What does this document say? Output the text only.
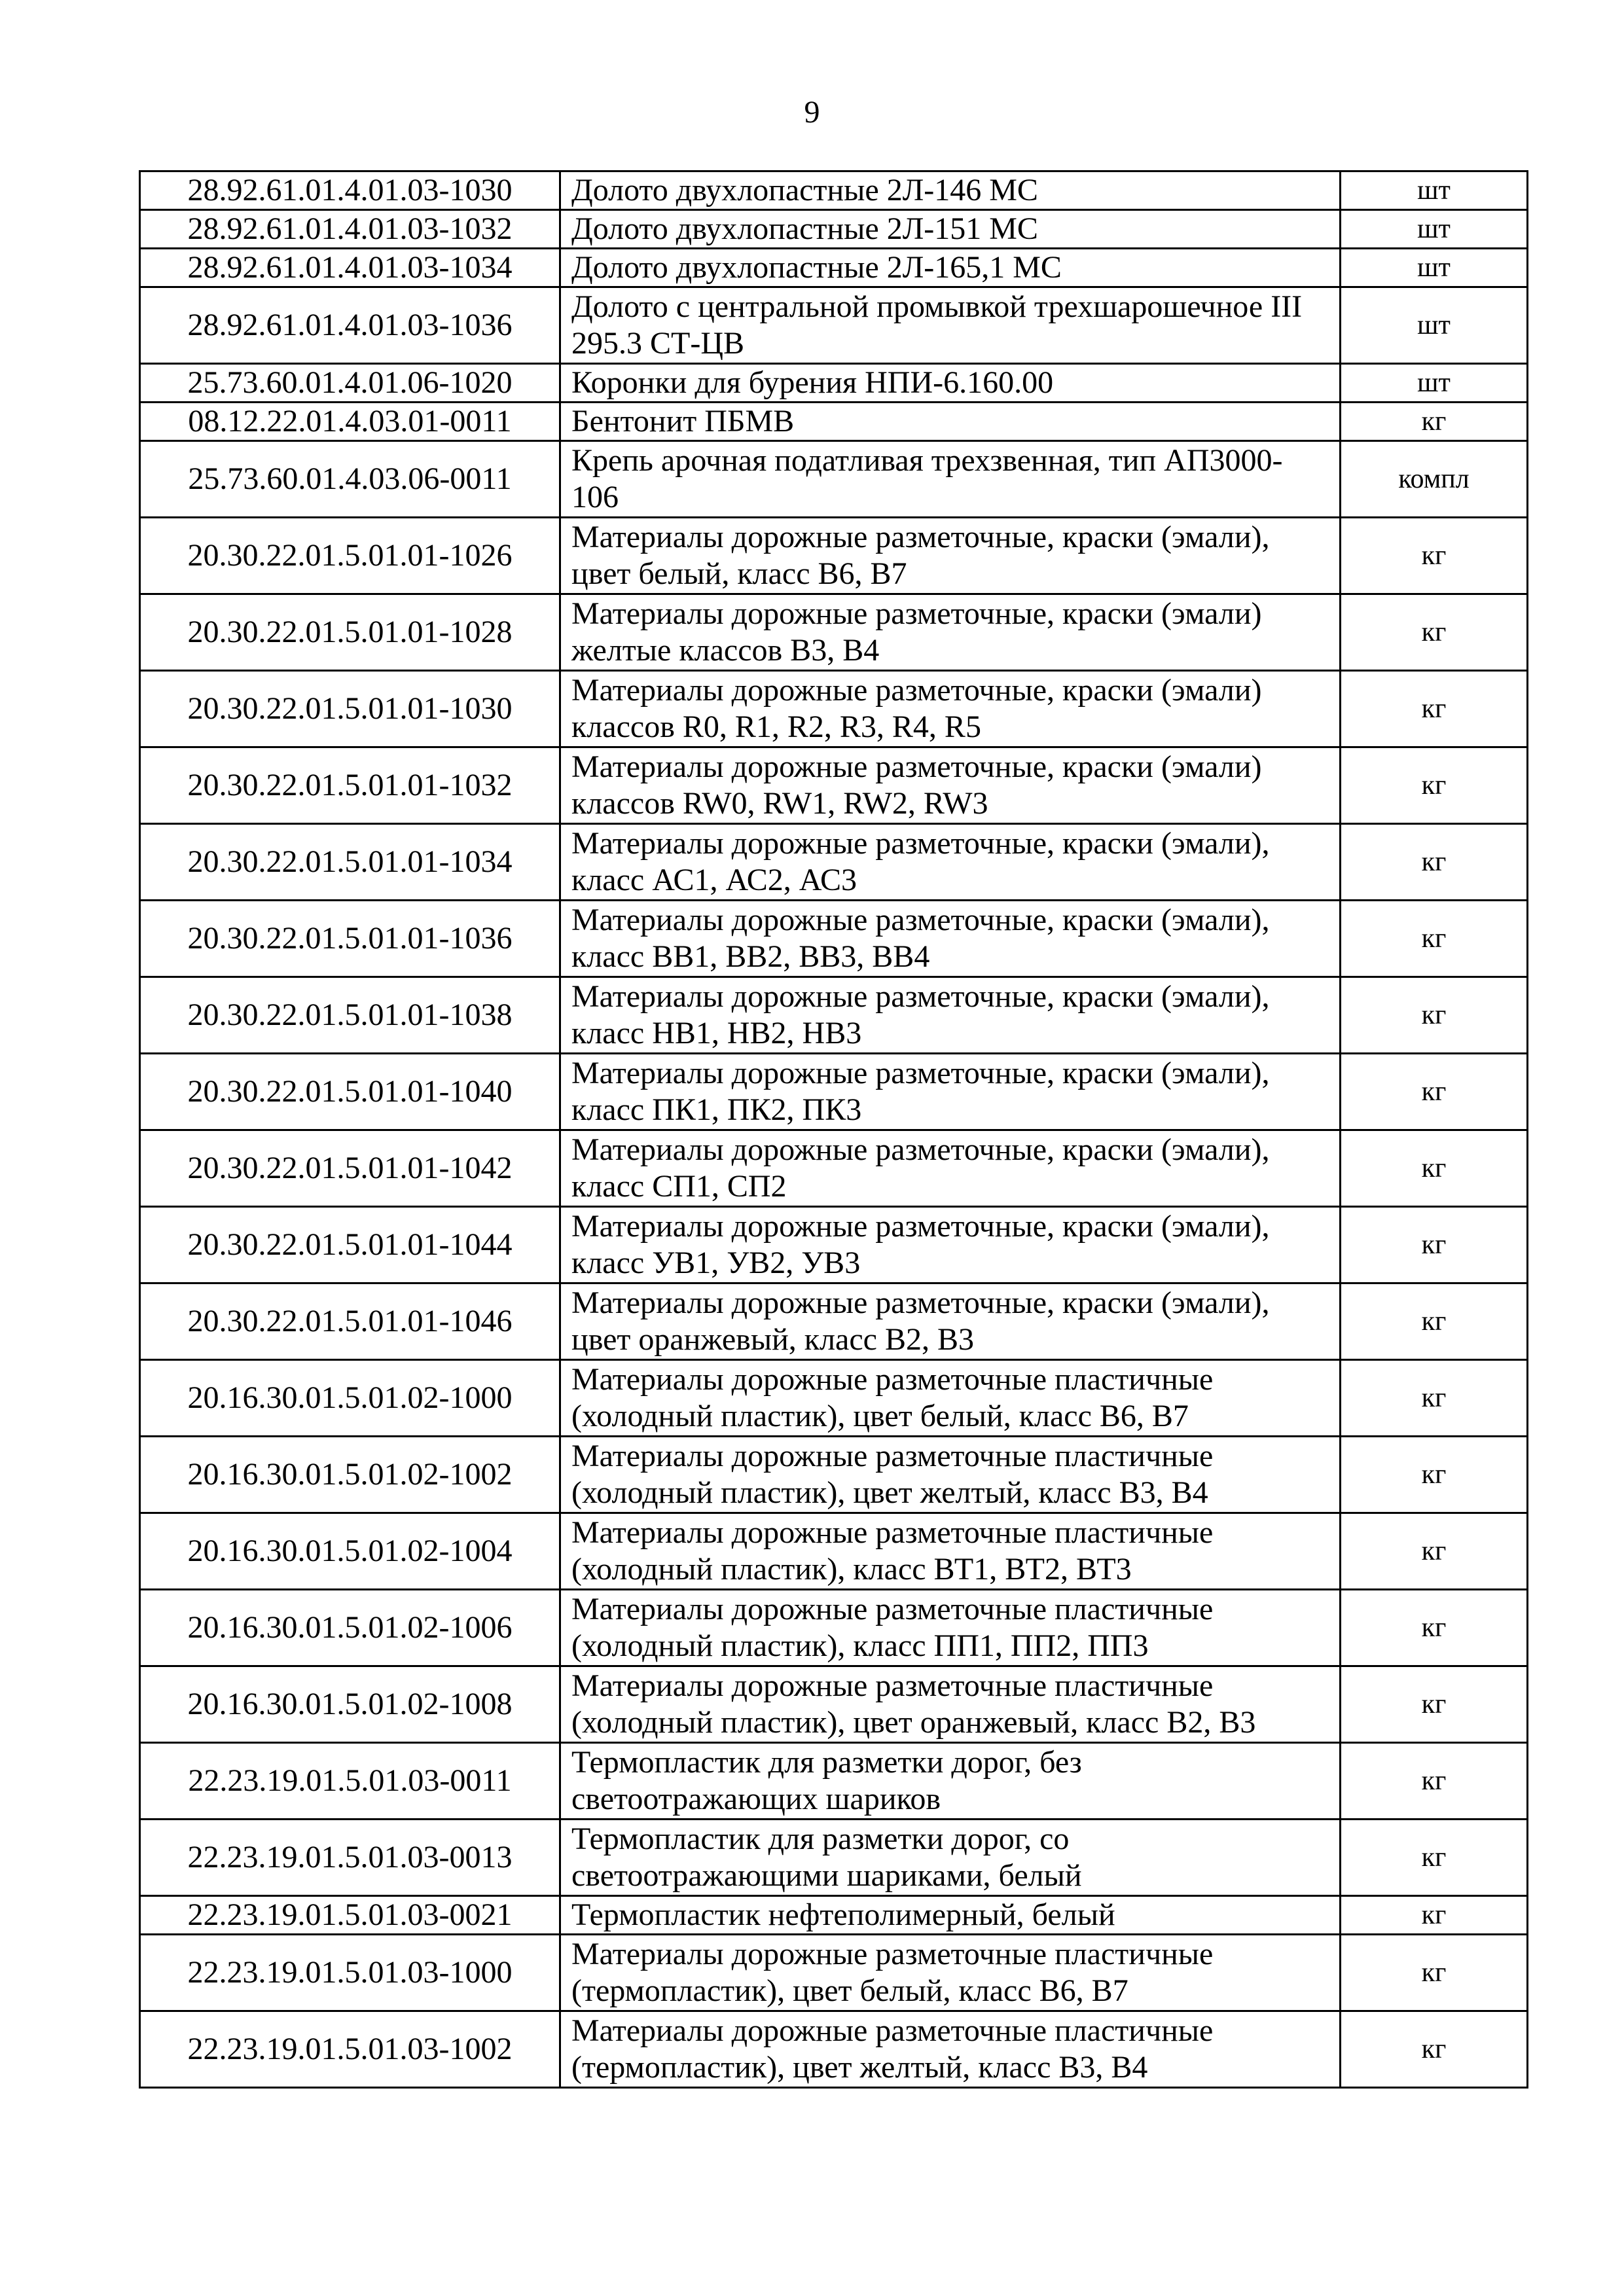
9
28.92.61.01.4.01.03-1030	Долото двухлопастные 2Л-146 МС	шт
28.92.61.01.4.01.03-1032	Долото двухлопастные 2Л-151 МС	шт
28.92.61.01.4.01.03-1034	Долото двухлопастные 2Л-165,1 МС	шт
28.92.61.01.4.01.03-1036	Долото с центральной промывкой трехшарошечное III 295.3 СТ-ЦВ	шт
25.73.60.01.4.01.06-1020	Коронки для бурения НПИ-6.160.00	шт
08.12.22.01.4.03.01-0011	Бентонит ПБМВ	кг
25.73.60.01.4.03.06-0011	Крепь арочная податливая трехзвенная, тип АП3000-106	компл
20.30.22.01.5.01.01-1026	Материалы дорожные разметочные, краски (эмали), цвет белый, класс В6, В7	кг
20.30.22.01.5.01.01-1028	Материалы дорожные разметочные, краски (эмали) желтые классов В3, В4	кг
20.30.22.01.5.01.01-1030	Материалы дорожные разметочные, краски (эмали) классов R0, R1, R2, R3, R4, R5	кг
20.30.22.01.5.01.01-1032	Материалы дорожные разметочные, краски (эмали) классов RW0, RW1, RW2, RW3	кг
20.30.22.01.5.01.01-1034	Материалы дорожные разметочные, краски (эмали), класс АС1, АС2, АС3	кг
20.30.22.01.5.01.01-1036	Материалы дорожные разметочные, краски (эмали), класс ВВ1, ВВ2, ВВ3, ВВ4	кг
20.30.22.01.5.01.01-1038	Материалы дорожные разметочные, краски (эмали), класс НВ1, НВ2, НВ3	кг
20.30.22.01.5.01.01-1040	Материалы дорожные разметочные, краски (эмали), класс ПК1, ПК2, ПК3	кг
20.30.22.01.5.01.01-1042	Материалы дорожные разметочные, краски (эмали), класс СП1, СП2	кг
20.30.22.01.5.01.01-1044	Материалы дорожные разметочные, краски (эмали), класс УВ1, УВ2, УВ3	кг
20.30.22.01.5.01.01-1046	Материалы дорожные разметочные, краски (эмали), цвет оранжевый, класс В2, В3	кг
20.16.30.01.5.01.02-1000	Материалы дорожные разметочные пластичные (холодный пластик), цвет белый, класс В6, В7	кг
20.16.30.01.5.01.02-1002	Материалы дорожные разметочные пластичные (холодный пластик), цвет желтый, класс В3, В4	кг
20.16.30.01.5.01.02-1004	Материалы дорожные разметочные пластичные (холодный пластик), класс ВТ1, ВТ2, ВТ3	кг
20.16.30.01.5.01.02-1006	Материалы дорожные разметочные пластичные (холодный пластик), класс ПП1, ПП2, ПП3	кг
20.16.30.01.5.01.02-1008	Материалы дорожные разметочные пластичные (холодный пластик), цвет оранжевый, класс В2, В3	кг
22.23.19.01.5.01.03-0011	Термопластик для разметки дорог, без светоотражающих шариков	кг
22.23.19.01.5.01.03-0013	Термопластик для разметки дорог, со светоотражающими шариками, белый	кг
22.23.19.01.5.01.03-0021	Термопластик нефтеполимерный, белый	кг
22.23.19.01.5.01.03-1000	Материалы дорожные разметочные пластичные (термопластик), цвет белый, класс В6, В7	кг
22.23.19.01.5.01.03-1002	Материалы дорожные разметочные пластичные (термопластик), цвет желтый, класс В3, В4	кг
